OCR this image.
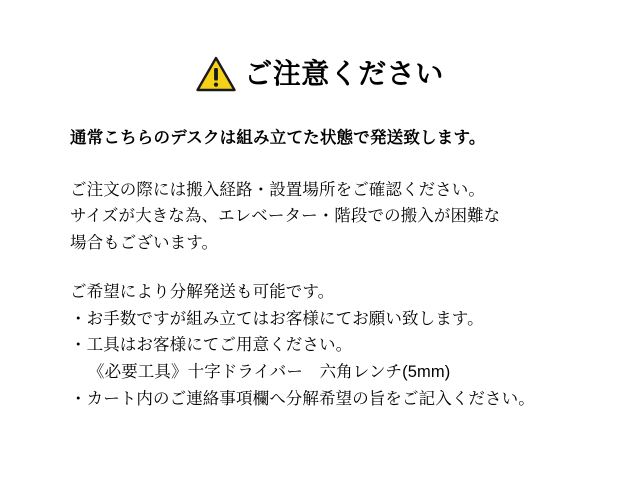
ご注意ください
通常こちらのデスクは組み立てた状態で発送致します。
ご注文の際には搬入経路・設置場所をご確認ください。
サイズが大きな為、エレベーター・階段での搬入が困難な
場合もございます。
ご希望により分解発送も可能です。
・お手数ですが組み立てはお客様にてお願い致します。
・工具はお客様にてご用意ください。
《必要工具》十字ドライバー　六角レンチ(5mm)
・カート内のご連絡事項欄へ分解希望の旨をご記入ください。
